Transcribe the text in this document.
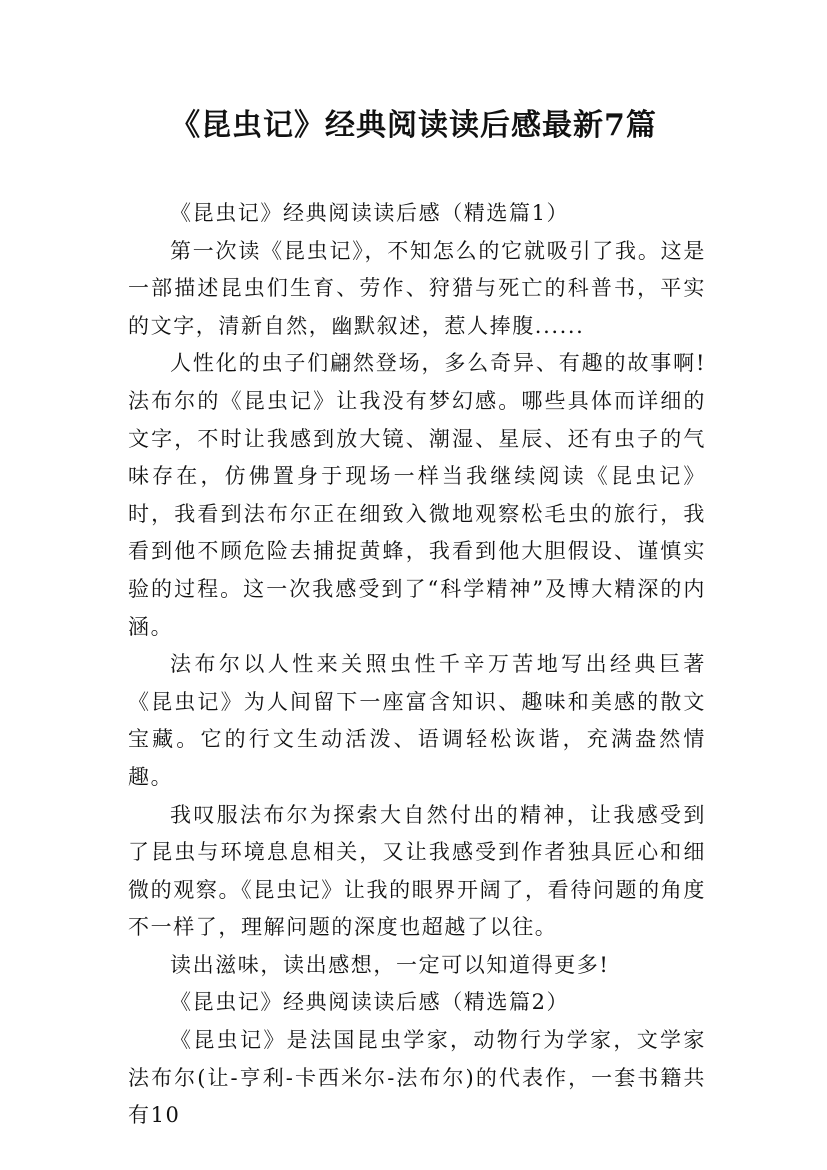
《昆虫记》经典阅读读后感最新7篇

《昆虫记》经典阅读读后感（精选篇1）

第一次读《昆虫记》，不知怎么的它就吸引了我。这是一部描述昆虫们生育、劳作、狩猎与死亡的科普书，平实的文字，清新自然，幽默叙述，惹人捧腹......

人性化的虫子们翩然登场，多么奇异、有趣的故事啊!法布尔的《昆虫记》让我没有梦幻感。哪些具体而详细的文字，不时让我感到放大镜、潮湿、星辰、还有虫子的气味存在，仿佛置身于现场一样当我继续阅读《昆虫记》时，我看到法布尔正在细致入微地观察松毛虫的旅行，我看到他不顾危险去捕捉黄蜂，我看到他大胆假设、谨慎实验的过程。这一次我感受到了“科学精神”及博大精深的内涵。

法布尔以人性来关照虫性千辛万苦地写出经典巨著《昆虫记》为人间留下一座富含知识、趣味和美感的散文宝藏。它的行文生动活泼、语调轻松诙谐，充满盎然情趣。

我叹服法布尔为探索大自然付出的精神，让我感受到了昆虫与环境息息相关，又让我感受到作者独具匠心和细微的观察。《昆虫记》让我的眼界开阔了，看待问题的角度不一样了，理解问题的深度也超越了以往。

读出滋味，读出感想，一定可以知道得更多!

《昆虫记》经典阅读读后感（精选篇2）

《昆虫记》是法国昆虫学家，动物行为学家，文学家法布尔(让-亨利-卡西米尔-法布尔)的代表作，一套书籍共有10
